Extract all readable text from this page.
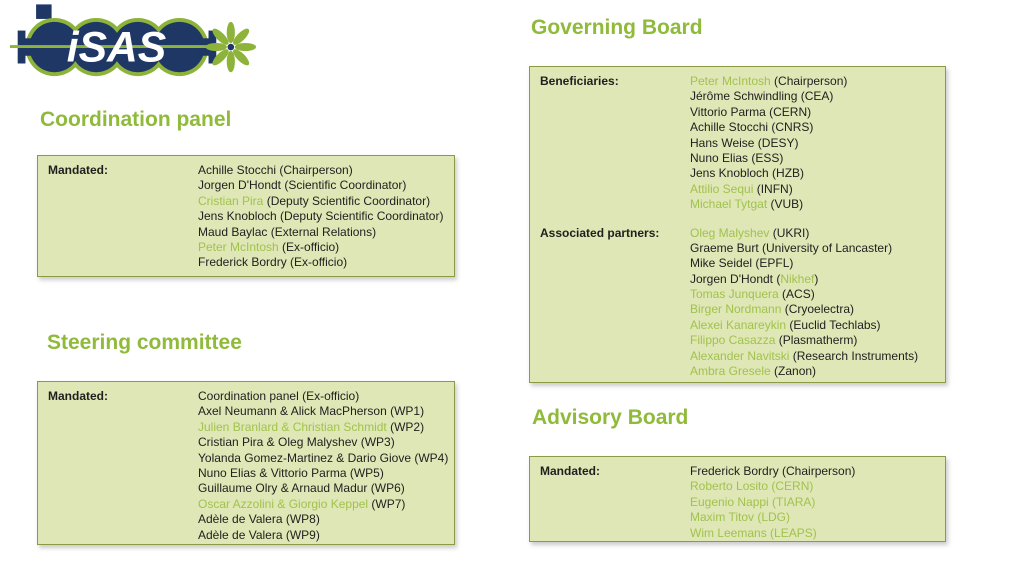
iSAS
Coordination panel
Steering committee
Governing Board
Advisory Board
Mandated:	Achille Stocchi (Chairperson)
Jorgen D'Hondt (Scientific Coordinator)
Cristian Pira (Deputy Scientific Coordinator)
Jens Knobloch (Deputy Scientific Coordinator)
Maud Baylac (External Relations)
Peter McIntosh (Ex-officio)
Frederick Bordry (Ex-officio)
Mandated:	Coordination panel (Ex-officio)
Axel Neumann & Alick MacPherson (WP1)
Julien Branlard & Christian Schmidt (WP2)
Cristian Pira & Oleg Malyshev (WP3)
Yolanda Gomez-Martinez & Dario Giove (WP4)
Nuno Elias & Vittorio Parma (WP5)
Guillaume Olry & Arnaud Madur (WP6)
Oscar Azzolini & Giorgio Keppel (WP7)
Adèle de Valera (WP8)
Adèle de Valera (WP9)
Beneficiaries:	Peter McIntosh (Chairperson)
Jérôme Schwindling (CEA)
Vittorio Parma (CERN)
Achille Stocchi (CNRS)
Hans Weise (DESY)
Nuno Elias (ESS)
Jens Knobloch (HZB)
Attilio Sequi (INFN)
Michael Tytgat (VUB)
Associated partners:	Oleg Malyshev (UKRI)
Graeme Burt (University of Lancaster)
Mike Seidel (EPFL)
Jorgen D'Hondt (Nikhef)
Tomas Junquera (ACS)
Birger Nordmann (Cryoelectra)
Alexei Kanareykin (Euclid Techlabs)
Filippo Casazza (Plasmatherm)
Alexander Navitski (Research Instruments)
Ambra Gresele (Zanon)
Mandated:	Frederick Bordry (Chairperson)
Roberto Losito (CERN)
Eugenio Nappi (TIARA)
Maxim Titov (LDG)
Wim Leemans (LEAPS)
